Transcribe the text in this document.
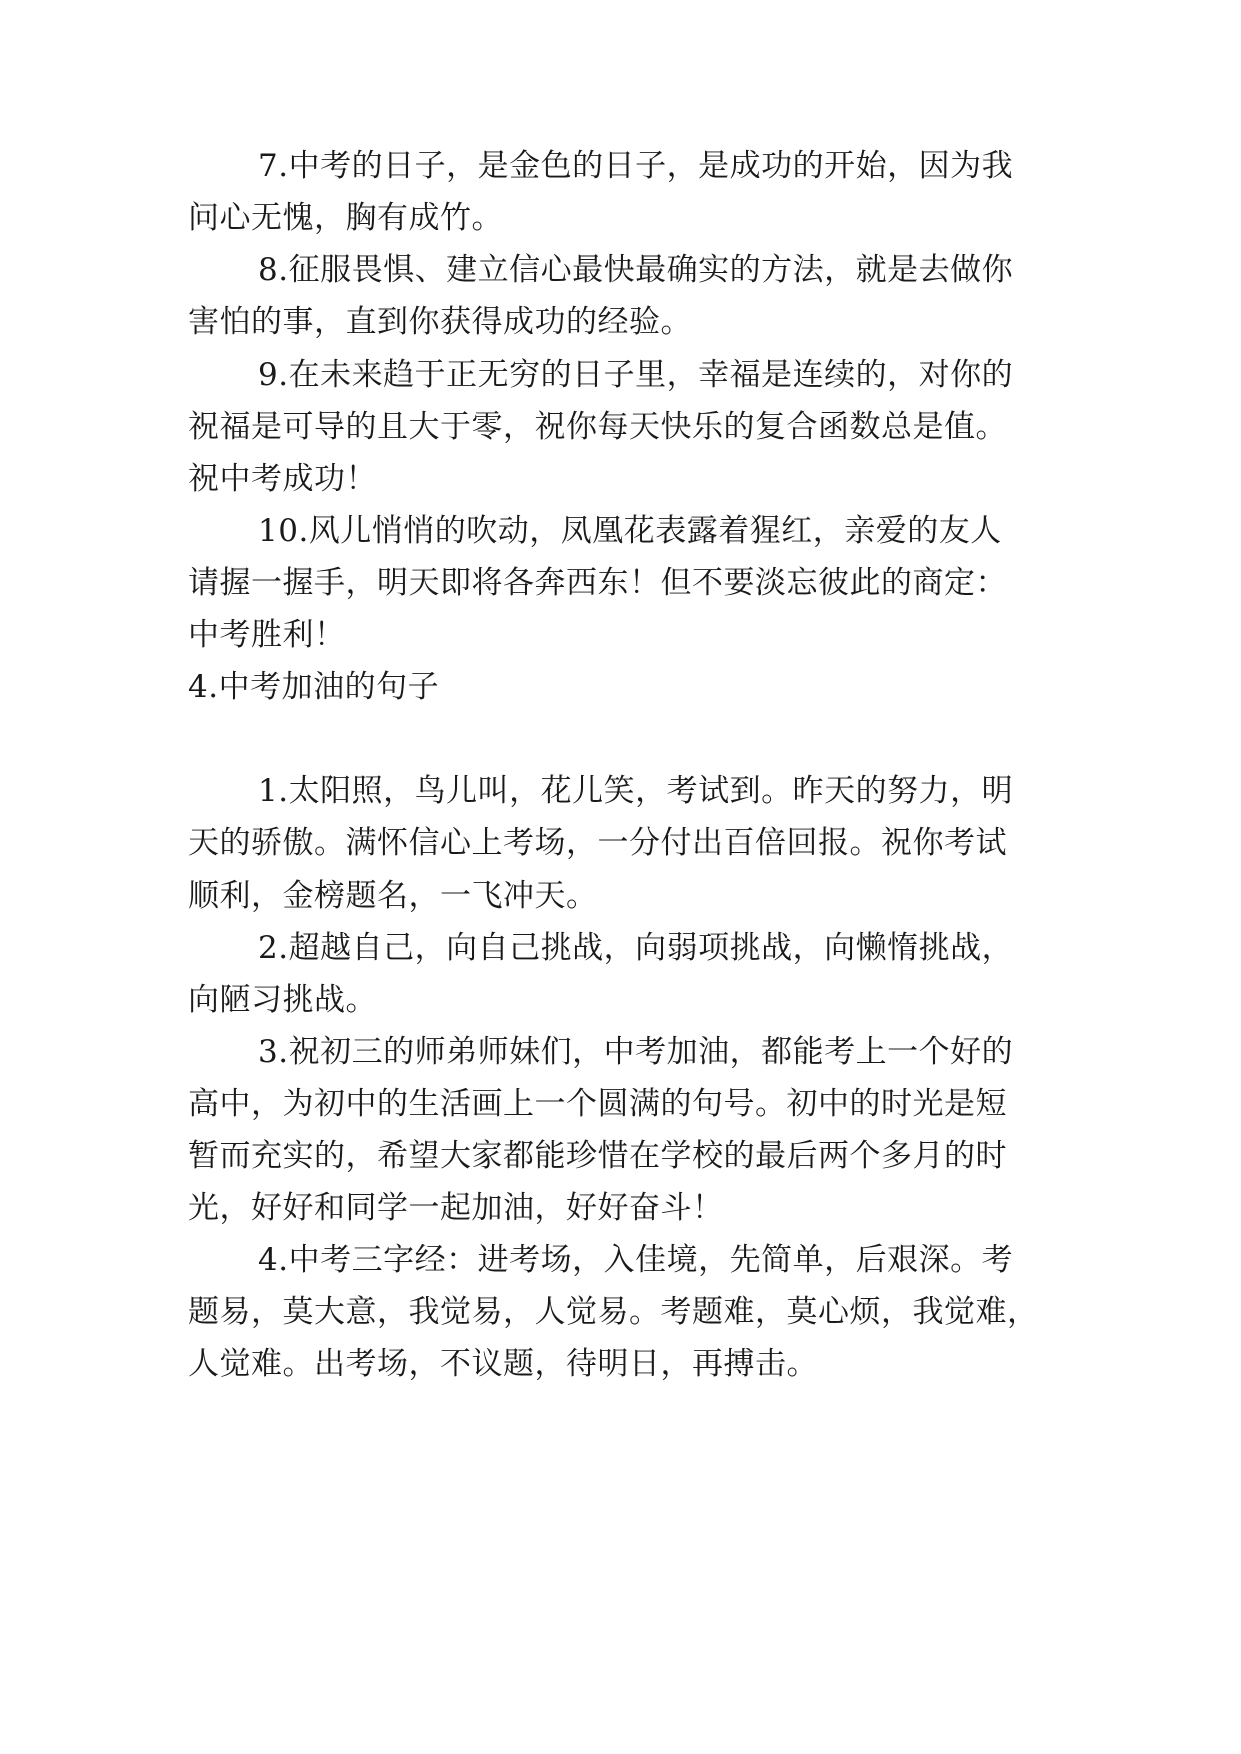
7.中考的日子，是金色的日子，是成功的开始，因为我
问心无愧，胸有成竹。
8.征服畏惧、建立信心最快最确实的方法，就是去做你
害怕的事，直到你获得成功的经验。
9.在未来趋于正无穷的日子里，幸福是连续的，对你的
祝福是可导的且大于零，祝你每天快乐的复合函数总是值。
祝中考成功！
10.风儿悄悄的吹动，凤凰花表露着猩红，亲爱的友人
请握一握手，明天即将各奔西东！但不要淡忘彼此的商定：
中考胜利！
4.中考加油的句子
1.太阳照，鸟儿叫，花儿笑，考试到。昨天的努力，明
天的骄傲。满怀信心上考场，一分付出百倍回报。祝你考试
顺利，金榜题名，一飞冲天。
2.超越自己，向自己挑战，向弱项挑战，向懒惰挑战，
向陋习挑战。
3.祝初三的师弟师妹们，中考加油，都能考上一个好的
高中，为初中的生活画上一个圆满的句号。初中的时光是短
暂而充实的，希望大家都能珍惜在学校的最后两个多月的时
光，好好和同学一起加油，好好奋斗！
4.中考三字经：进考场，入佳境，先简单，后艰深。考
题易，莫大意，我觉易，人觉易。考题难，莫心烦，我觉难，
人觉难。出考场，不议题，待明日，再搏击。
